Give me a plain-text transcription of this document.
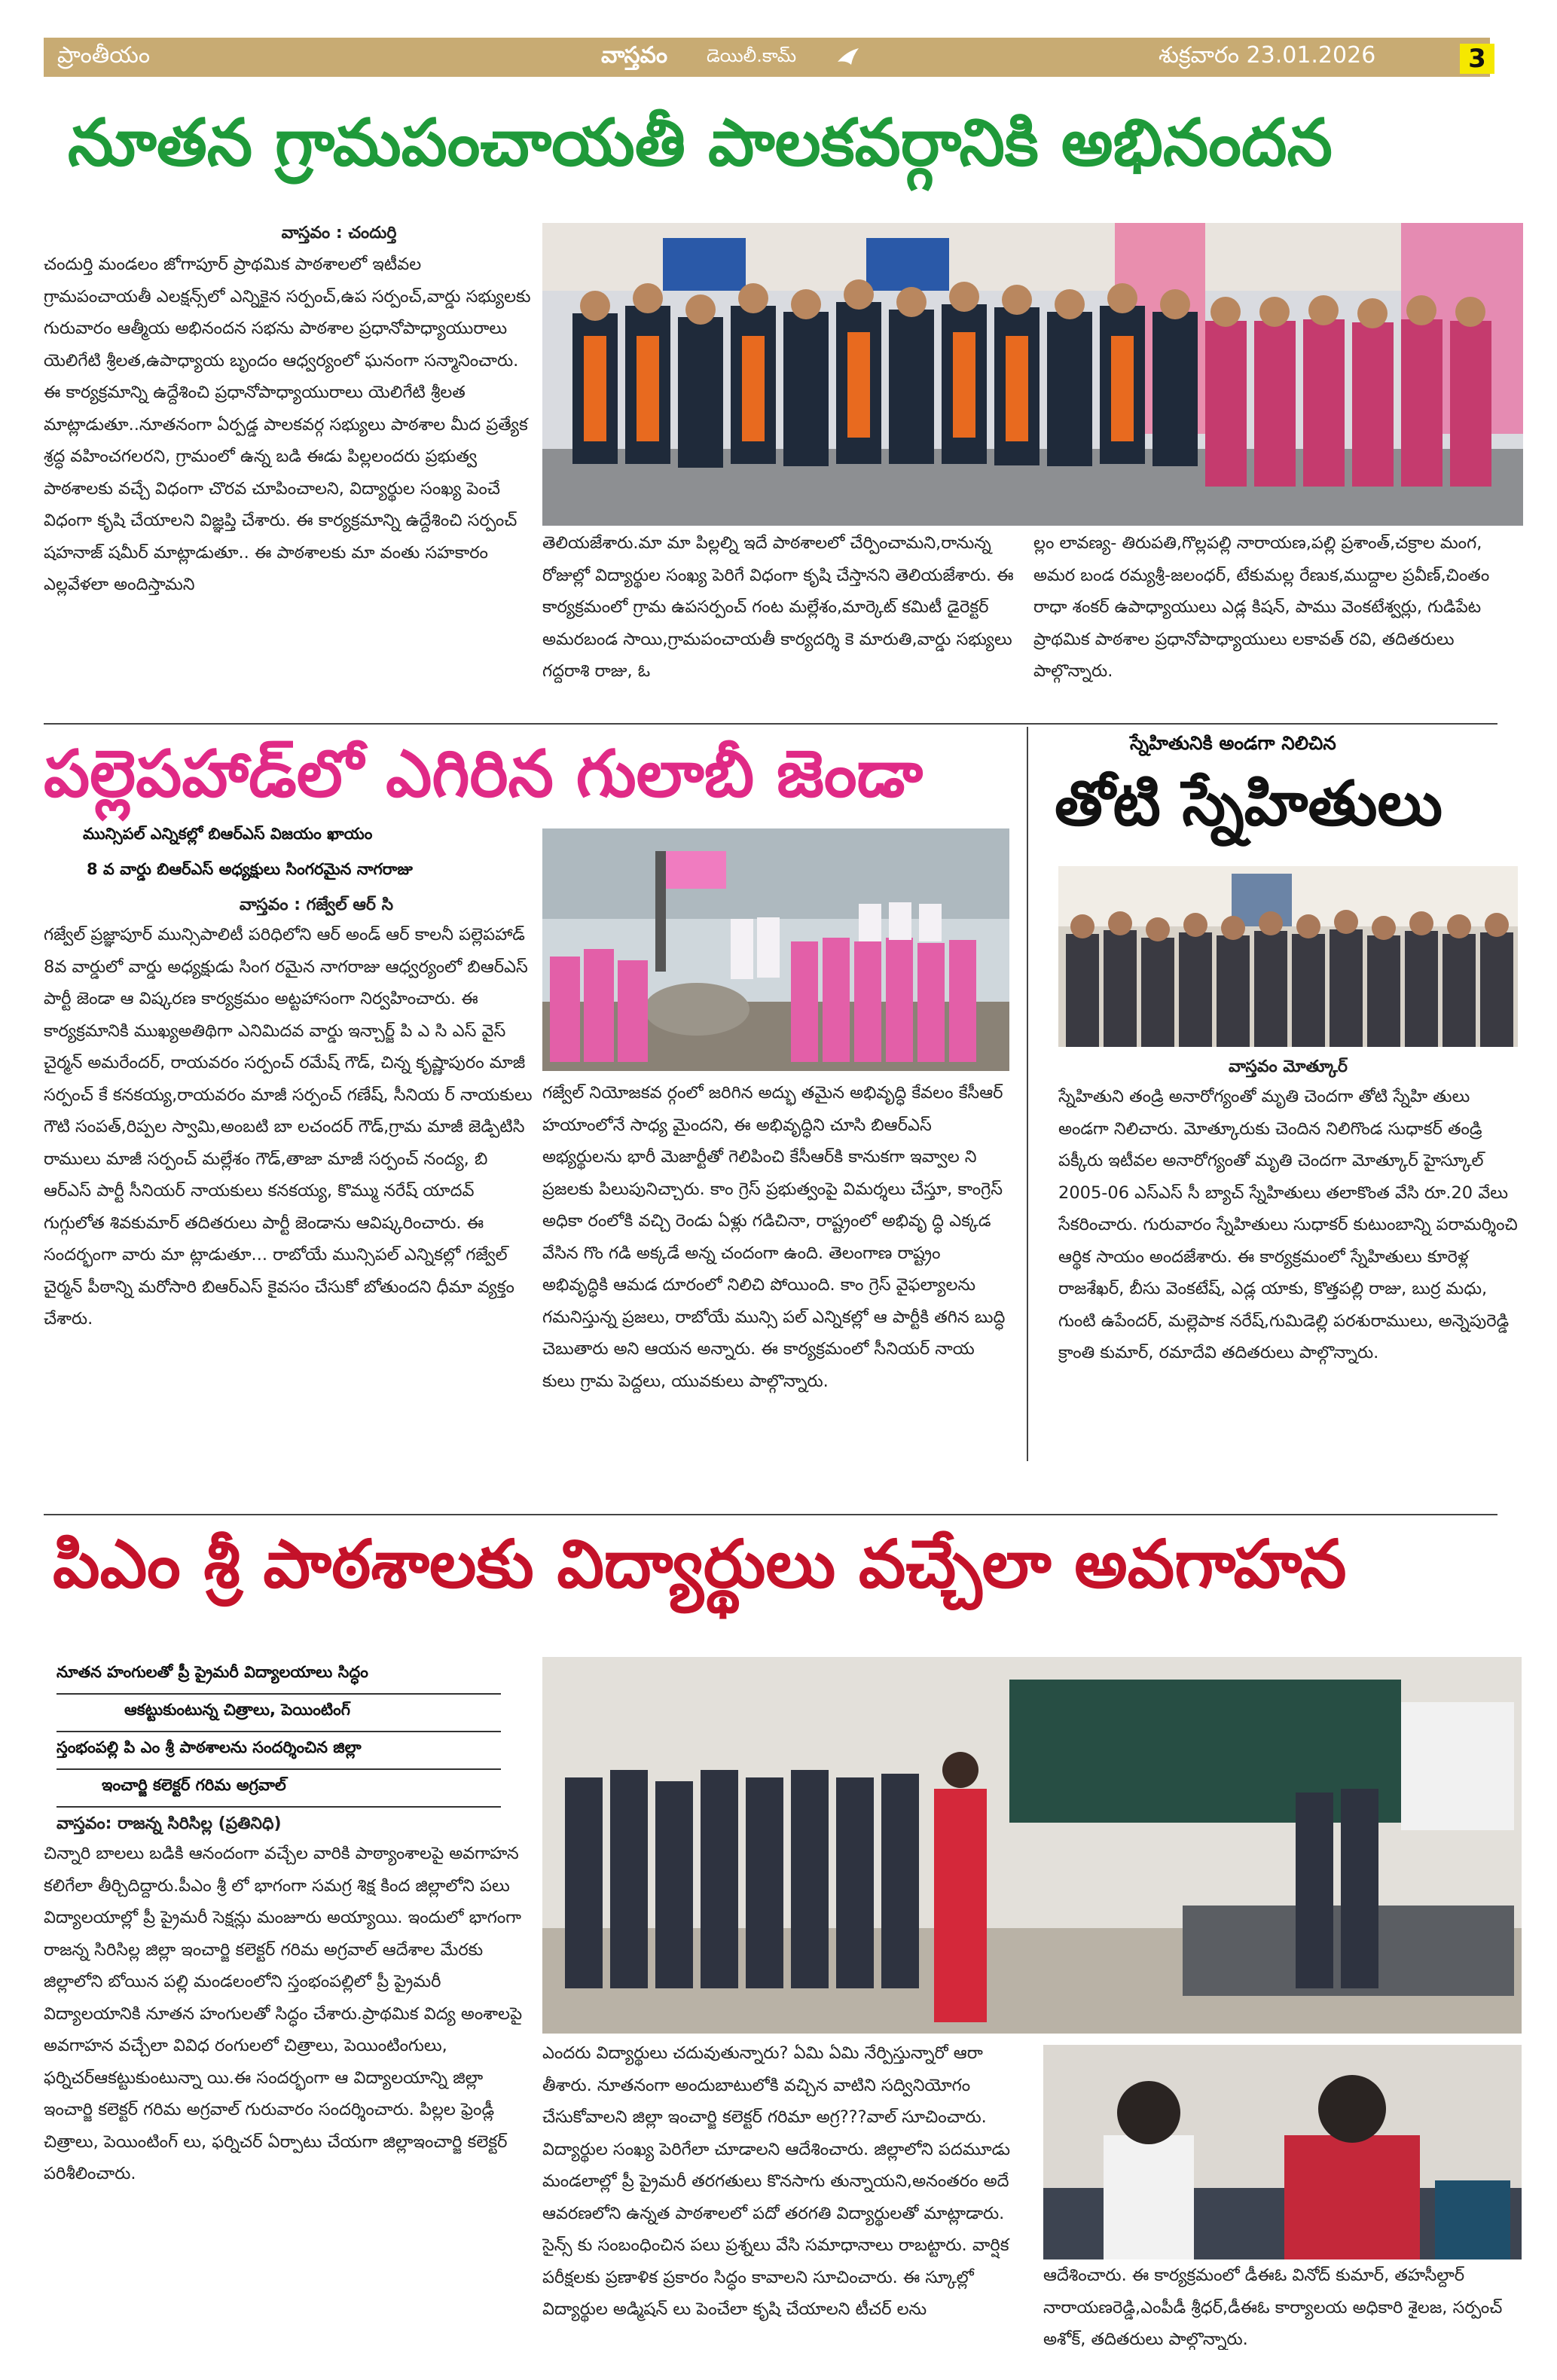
ప్రాంతీయం	వాస్తవం డెయిలీ.కామ్	శుక్రవారం 23.01.2026	3
నూతన గ్రామపంచాయతీ పాలకవర్గానికి అభినందన
వాస్తవం : చందుర్తి
చందుర్తి మండలం జోగాపూర్ ప్రాథమిక పాఠశాలలో ఇటీవల గ్రామపంచాయతీ ఎలక్షన్స్‌లో ఎన్నికైన సర్పంచ్,ఉప సర్పంచ్,వార్డు సభ్యులకు గురువారం ఆత్మీయ అభినందన సభను పాఠశాల ప్రధానోపాధ్యాయురాలు యెలిగేటి శ్రీలత,ఉపాధ్యాయ బృందం ఆధ్వర్యంలో ఘనంగా సన్మానించారు. ఈ కార్యక్రమాన్ని ఉద్దేశించి ప్రధానోపాధ్యాయురాలు యెలిగేటి శ్రీలత మాట్లాడుతూ..నూతనంగా ఏర్పడ్డ పాలకవర్గ సభ్యులు పాఠశాల మీద ప్రత్యేక శ్రద్ధ వహించగలరని, గ్రామంలో ఉన్న బడి ఈడు పిల్లలందరు ప్రభుత్వ పాఠశాలకు వచ్చే విధంగా చొరవ చూపించాలని, విద్యార్థుల సంఖ్య పెంచే విధంగా కృషి చేయాలని విజ్ఞప్తి చేశారు. ఈ కార్యక్రమాన్ని ఉద్దేశించి సర్పంచ్ షహనాజ్ షమీర్ మాట్లాడుతూ.. ఈ పాఠశాలకు మా వంతు సహకారం ఎల్లవేళలా అందిస్తామని
తెలియజేశారు.మా మా పిల్లల్ని ఇదే పాఠశాలలో చేర్పించామని,రానున్న రోజుల్లో విద్యార్థుల సంఖ్య పెరిగే విధంగా కృషి చేస్తానని తెలియజేశారు. ఈ కార్యక్రమంలో గ్రామ ఉపసర్పంచ్ గంట మల్లేశం,మార్కెట్ కమిటీ డైరెక్టర్ అమరబండ సాయి,గ్రామపంచాయతీ కార్యదర్శి కె మారుతి,వార్డు సభ్యులు గద్దరాశి రాజు, ఓ
ల్లం లావణ్య- తిరుపతి,గొల్లపల్లి నారాయణ,పల్లి ప్రశాంత్,చక్రాల మంగ, అమర బండ రమ్యశ్రీ-జలంధర్, టేకుమల్ల రేణుక,ముద్దాల ప్రవీణ్,చింతం రాధా శంకర్ ఉపాధ్యాయులు ఎడ్ల కిషన్, పాము వెంకటేశ్వర్లు, గుడిపేట ప్రాథమిక పాఠశాల ప్రధానోపాధ్యాయులు లకావత్ రవి, తదితరులు పాల్గొన్నారు.
పల్లెపహాడ్‌లో ఎగిరిన గులాబీ జెండా
మున్సిపల్ ఎన్నికల్లో బిఆర్ఎస్ విజయం ఖాయం
8 వ వార్డు బిఆర్ఎస్ అధ్యక్షులు సింగరమైన నాగరాజు
వాస్తవం : గజ్వేల్ ఆర్ సి
గజ్వేల్ ప్రజ్ఞాపూర్ మున్సిపాలిటీ పరిధిలోని ఆర్ అండ్ ఆర్ కాలనీ పల్లెపహాడ్ 8వ వార్డులో వార్డు అధ్యక్షుడు సింగ రమైన నాగరాజు ఆధ్వర్యంలో బిఆర్ఎస్ పార్టీ జెండా ఆ విష్కరణ కార్యక్రమం అట్టహాసంగా నిర్వహించారు. ఈ కార్యక్రమానికి ముఖ్యఅతిథిగా ఎనిమిదవ వార్డు ఇన్చార్జ్ పి ఎ సి ఎస్ వైస్ చైర్మన్ అమరేందర్, రాయవరం సర్పంచ్ రమేష్ గౌడ్, చిన్న కృష్ణాపురం మాజీ సర్పంచ్ కే కనకయ్య,రాయవరం మాజీ సర్పంచ్ గణేష్, సీనియ ర్ నాయకులు గౌటి సంపత్,రిప్పల స్వామి,అంబటి బా లచందర్ గౌడ్,గ్రామ మాజీ జెడ్పిటిసి రాములు మాజీ సర్పంచ్ మల్లేశం గౌడ్,తాజా మాజీ సర్పంచ్ నంద్య, బి ఆర్ఎస్ పార్టీ సీనియర్ నాయకులు కనకయ్య, కొమ్ము నరేష్ యాదవ్ గుగ్గులోత శివకుమార్ తదితరులు పార్టీ జెండాను ఆవిష్కరించారు. ఈ సందర్భంగా వారు మా ట్లాడుతూ... రాబోయే మున్సిపల్ ఎన్నికల్లో గజ్వేల్ చైర్మన్ పీఠాన్ని మరోసారి బిఆర్ఎస్ కైవసం చేసుకో బోతుందని ధీమా వ్యక్తం చేశారు.
గజ్వేల్ నియోజకవ ర్గంలో జరిగిన అద్భు తమైన అభివృద్ధి కేవలం కేసీఆర్ హయాంలోనే సాధ్య మైందని, ఈ అభివృద్ధిని చూసి బిఆర్ఎస్ అభ్యర్థులను భారీ మెజార్టీతో గెలిపించి కేసీఆర్‌కి కానుకగా ఇవ్వాల ని ప్రజలకు పిలుపునిచ్చారు. కాం గ్రెస్ ప్రభుత్వంపై విమర్శలు చేస్తూ, కాంగ్రెస్ అధికా రంలోకి వచ్చి రెండు ఏళ్లు గడిచినా, రాష్ట్రంలో అభివృ ద్ధి ఎక్కడ వేసిన గొం గడి అక్కడే అన్న చందంగా ఉంది. తెలంగాణ రాష్ట్రం అభివృద్ధికి ఆమడ దూరంలో నిలిచి పోయింది. కాం గ్రెస్ వైఫల్యాలను గమనిస్తున్న ప్రజలు, రాబోయే మున్సి పల్ ఎన్నికల్లో ఆ పార్టీకి తగిన బుద్ధి చెబుతారు అని ఆయన అన్నారు. ఈ కార్యక్రమంలో సీనియర్ నాయ కులు గ్రామ పెద్దలు, యువకులు పాల్గొన్నారు.
స్నేహితునికి అండగా నిలిచిన
తోటి స్నేహితులు
వాస్తవం మోత్కూర్
స్నేహితుని తండ్రి అనారోగ్యంతో మృతి చెందగా తోటి స్నేహి తులు అండగా నిలిచారు. మోత్కూరుకు చెందిన నిలిగొండ సుధాకర్ తండ్రి పక్కీరు ఇటీవల అనారోగ్యంతో మృతి చెందగా మోత్కూర్ హైస్కూల్ 2005-06 ఎస్ఎస్ సీ బ్యాచ్ స్నేహితులు తలాకొంత వేసి రూ.20 వేలు సేకరించారు. గురువారం స్నేహితులు సుధాకర్ కుటుంబాన్ని పరామర్శించి ఆర్థిక సాయం అందజేశారు. ఈ కార్యక్రమంలో స్నేహితులు కూరెళ్ల రాజశేఖర్, బీసు వెంకటేష్, ఎడ్ల యాకు, కొత్తపల్లి రాజు, బుర్ర మధు, గుంటి ఉపేందర్, మల్లెపాక నరేష్,గుమిడెల్లి పరశురాములు, అన్నెపురెడ్డి క్రాంతి కుమార్, రమాదేవి తదితరులు పాల్గొన్నారు.
పిఎం శ్రీ పాఠశాలకు విద్యార్థులు వచ్చేలా అవగాహన
నూతన హంగులతో ప్రీ ప్రైమరీ విద్యాలయాలు సిద్ధం
ఆకట్టుకుంటున్న చిత్రాలు, పెయింటింగ్
స్తంభంపల్లి పి ఎం శ్రీ పాఠశాలను సందర్శించిన జిల్లా
ఇంచార్జి కలెక్టర్ గరిమ అగ్రవాల్
వాస్తవం: రాజన్న సిరిసిల్ల (ప్రతినిధి)
చిన్నారి బాలలు బడికి ఆనందంగా వచ్చేల వారికి పాఠ్యాంశాలపై అవగాహన కలిగేలా తీర్చిదిద్దారు.పీఎం శ్రీ లో భాగంగా సమగ్ర శిక్ష కింద జిల్లాలోని పలు విద్యాలయాల్లో ప్రీ ప్రైమరీ సెక్షన్లు మంజూరు అయ్యాయి. ఇందులో భాగంగా రాజన్న సిరిసిల్ల జిల్లా ఇంచార్జి కలెక్టర్ గరిమ అగ్రవాల్ ఆదేశాల మేరకు జిల్లాలోని బోయిన పల్లి మండలంలోని స్తంభంపల్లిలో ప్రీ ప్రైమరీ విద్యాలయానికి నూతన హంగులతో సిద్ధం చేశారు.ప్రాథమిక విద్య అంశాలపై అవగాహన వచ్చేలా వివిధ రంగులలో చిత్రాలు, పెయింటింగులు, ఫర్నిచర్ఆకట్టుకుంటున్నా యి.ఈ సందర్భంగా ఆ విద్యాలయాన్ని జిల్లా ఇంచార్జి కలెక్టర్ గరిమ అగ్రవాల్ గురువారం సందర్శించారు. పిల్లల ఫ్రెండ్లీ చిత్రాలు, పెయింటింగ్ లు, ఫర్నిచర్ ఏర్పాటు చేయగా జిల్లాఇంచార్జి కలెక్టర్ పరిశీలించారు.
ఎందరు విద్యార్థులు చదువుతున్నారు? ఏమి ఏమి నేర్పిస్తున్నారో ఆరా తీశారు. నూతనంగా అందుబాటులోకి వచ్చిన వాటిని సద్వినియోగం చేసుకోవాలని జిల్లా ఇంచార్జి కలెక్టర్ గరిమా అగ్ర???వాల్ సూచించారు. విద్యార్థుల సంఖ్య పెరిగేలా చూడాలని ఆదేశించారు. జిల్లాలోని పదమూడు మండలాల్లో ప్రీ ప్రైమరీ తరగతులు కొనసాగు తున్నాయని,అనంతరం అదే ఆవరణలోని ఉన్నత పాఠశాలలో పదో తరగతి విద్యార్థులతో మాట్లాడారు. సైన్స్ కు సంబంధించిన పలు ప్రశ్నలు వేసి సమాధానాలు రాబట్టారు. వార్షిక పరీక్షలకు ప్రణాళిక ప్రకారం సిద్ధం కావాలని సూచించారు. ఈ స్కూల్లో విద్యార్థుల అడ్మిషన్ లు పెంచేలా కృషి చేయాలని టీచర్ లను
ఆదేశించారు. ఈ కార్యక్రమంలో డీఈఓ వినోద్ కుమార్, తహసీల్దార్ నారాయణరెడ్డి,ఎంపీడీ శ్రీధర్,డీఈఓ కార్యాలయ అధికారి శైలజ, సర్పంచ్ అశోక్, తదితరులు పాల్గొన్నారు.
